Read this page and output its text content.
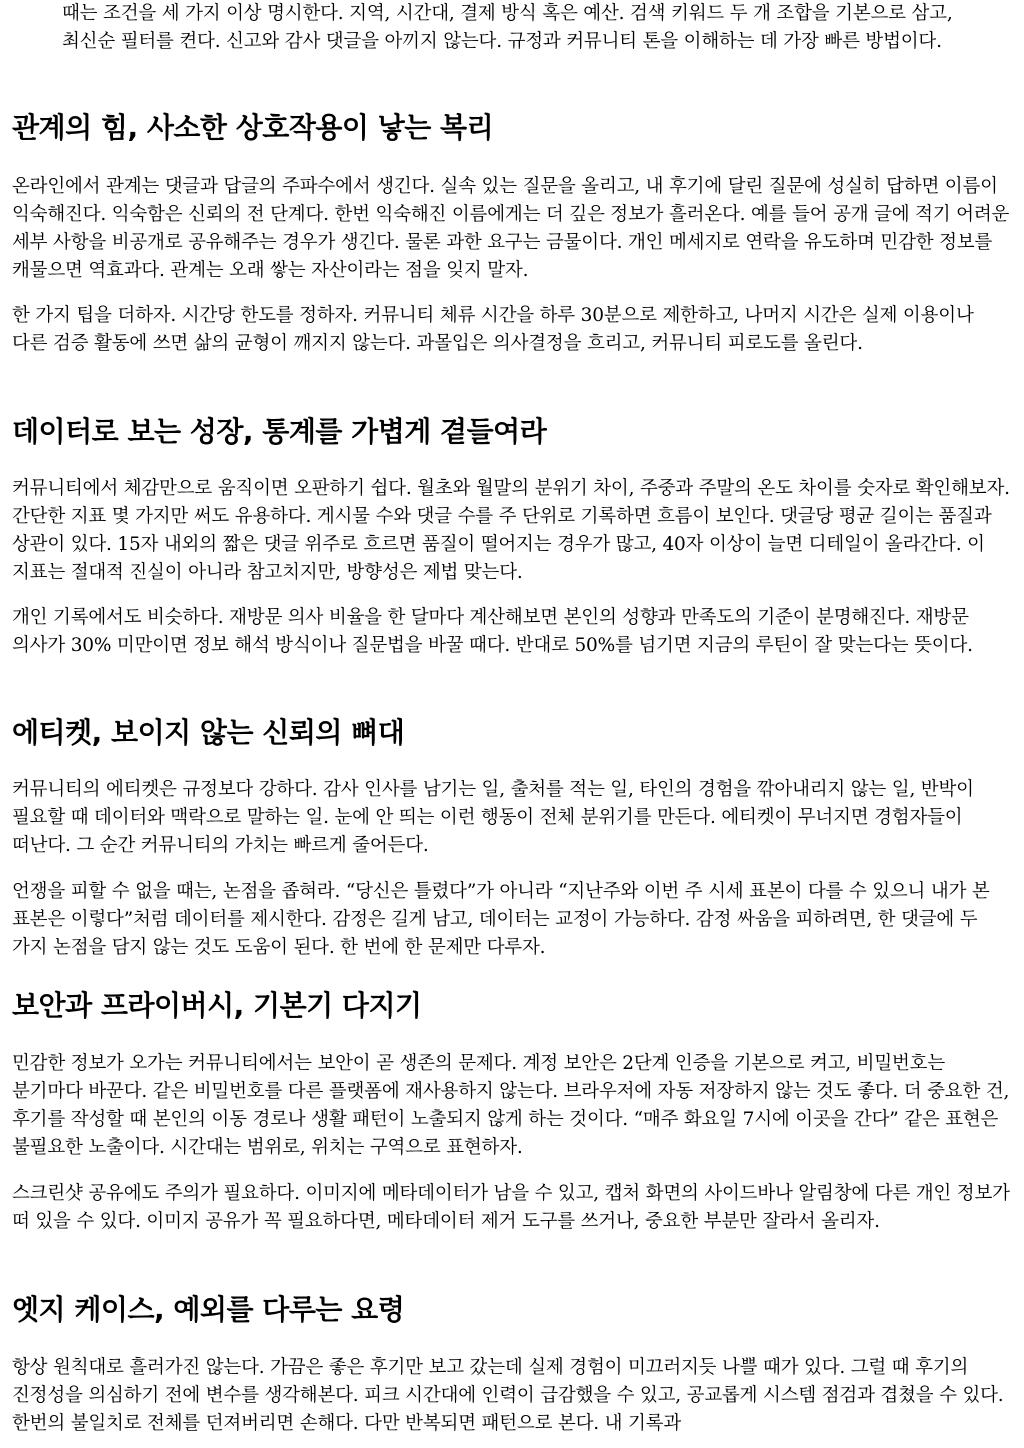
때는 조건을 세 가지 이상 명시한다. 지역, 시간대, 결제 방식 혹은 예산. 검색 키워드 두 개 조합을 기본으로 삼고, 최신순 필터를 켠다. 신고와 감사 댓글을 아끼지 않는다. 규정과 커뮤니티 톤을 이해하는 데 가장 빠른 방법이다.

관계의 힘, 사소한 상호작용이 낳는 복리

온라인에서 관계는 댓글과 답글의 주파수에서 생긴다. 실속 있는 질문을 올리고, 내 후기에 달린 질문에 성실히 답하면 이름이 익숙해진다. 익숙함은 신뢰의 전 단계다. 한번 익숙해진 이름에게는 더 깊은 정보가 흘러온다. 예를 들어 공개 글에 적기 어려운 세부 사항을 비공개로 공유해주는 경우가 생긴다. 물론 과한 요구는 금물이다. 개인 메세지로 연락을 유도하며 민감한 정보를 캐물으면 역효과다. 관계는 오래 쌓는 자산이라는 점을 잊지 말자.

한 가지 팁을 더하자. 시간당 한도를 정하자. 커뮤니티 체류 시간을 하루 30분으로 제한하고, 나머지 시간은 실제 이용이나 다른 검증 활동에 쓰면 삶의 균형이 깨지지 않는다. 과몰입은 의사결정을 흐리고, 커뮤니티 피로도를 올린다.

데이터로 보는 성장, 통계를 가볍게 곁들여라

커뮤니티에서 체감만으로 움직이면 오판하기 쉽다. 월초와 월말의 분위기 차이, 주중과 주말의 온도 차이를 숫자로 확인해보자. 간단한 지표 몇 가지만 써도 유용하다. 게시물 수와 댓글 수를 주 단위로 기록하면 흐름이 보인다. 댓글당 평균 길이는 품질과 상관이 있다. 15자 내외의 짧은 댓글 위주로 흐르면 품질이 떨어지는 경우가 많고, 40자 이상이 늘면 디테일이 올라간다. 이 지표는 절대적 진실이 아니라 참고치지만, 방향성은 제법 맞는다.

개인 기록에서도 비슷하다. 재방문 의사 비율을 한 달마다 계산해보면 본인의 성향과 만족도의 기준이 분명해진다. 재방문 의사가 30% 미만이면 정보 해석 방식이나 질문법을 바꿀 때다. 반대로 50%를 넘기면 지금의 루틴이 잘 맞는다는 뜻이다.

에티켓, 보이지 않는 신뢰의 뼈대

커뮤니티의 에티켓은 규정보다 강하다. 감사 인사를 남기는 일, 출처를 적는 일, 타인의 경험을 깎아내리지 않는 일, 반박이 필요할 때 데이터와 맥락으로 말하는 일. 눈에 안 띄는 이런 행동이 전체 분위기를 만든다. 에티켓이 무너지면 경험자들이 떠난다. 그 순간 커뮤니티의 가치는 빠르게 줄어든다.

언쟁을 피할 수 없을 때는, 논점을 좁혀라. “당신은 틀렸다”가 아니라 “지난주와 이번 주 시세 표본이 다를 수 있으니 내가 본 표본은 이렇다”처럼 데이터를 제시한다. 감정은 길게 남고, 데이터는 교정이 가능하다. 감정 싸움을 피하려면, 한 댓글에 두 가지 논점을 담지 않는 것도 도움이 된다. 한 번에 한 문제만 다루자.

보안과 프라이버시, 기본기 다지기

민감한 정보가 오가는 커뮤니티에서는 보안이 곧 생존의 문제다. 계정 보안은 2단계 인증을 기본으로 켜고, 비밀번호는 분기마다 바꾼다. 같은 비밀번호를 다른 플랫폼에 재사용하지 않는다. 브라우저에 자동 저장하지 않는 것도 좋다. 더 중요한 건, 후기를 작성할 때 본인의 이동 경로나 생활 패턴이 노출되지 않게 하는 것이다. “매주 화요일 7시에 이곳을 간다” 같은 표현은 불필요한 노출이다. 시간대는 범위로, 위치는 구역으로 표현하자.

스크린샷 공유에도 주의가 필요하다. 이미지에 메타데이터가 남을 수 있고, 캡처 화면의 사이드바나 알림창에 다른 개인 정보가 떠 있을 수 있다. 이미지 공유가 꼭 필요하다면, 메타데이터 제거 도구를 쓰거나, 중요한 부분만 잘라서 올리자.

엣지 케이스, 예외를 다루는 요령

항상 원칙대로 흘러가진 않는다. 가끔은 좋은 후기만 보고 갔는데 실제 경험이 미끄러지듯 나쁠 때가 있다. 그럴 때 후기의 진정성을 의심하기 전에 변수를 생각해본다. 피크 시간대에 인력이 급감했을 수 있고, 공교롭게 시스템 점검과 겹쳤을 수 있다. 한번의 불일치로 전체를 던져버리면 손해다. 다만 반복되면 패턴으로 본다. 내 기록과
